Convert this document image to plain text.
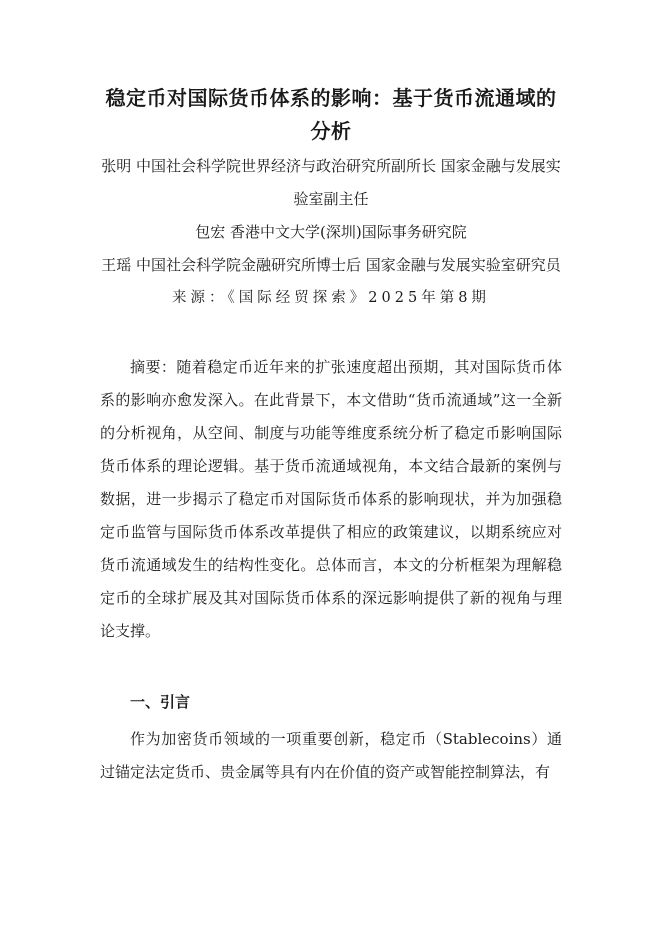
稳定币对国际货币体系的影响：基于货币流通域的分析

张明 中国社会科学院世界经济与政治研究所副所长 国家金融与发展实验室副主任

包宏 香港中文大学(深圳)国际事务研究院

王瑶 中国社会科学院金融研究所博士后 国家金融与发展实验室研究员

来源：《国际经贸探索》2025年第8期

摘要：随着稳定币近年来的扩张速度超出预期，其对国际货币体系的影响亦愈发深入。在此背景下，本文借助“货币流通域”这一全新的分析视角，从空间、制度与功能等维度系统分析了稳定币影响国际货币体系的理论逻辑。基于货币流通域视角，本文结合最新的案例与数据，进一步揭示了稳定币对国际货币体系的影响现状，并为加强稳定币监管与国际货币体系改革提供了相应的政策建议，以期系统应对货币流通域发生的结构性变化。总体而言，本文的分析框架为理解稳定币的全球扩展及其对国际货币体系的深远影响提供了新的视角与理论支撑。

一、引言

作为加密货币领域的一项重要创新，稳定币（Stablecoins）通过锚定法定货币、贵金属等具有内在价值的资产或智能控制算法，有
